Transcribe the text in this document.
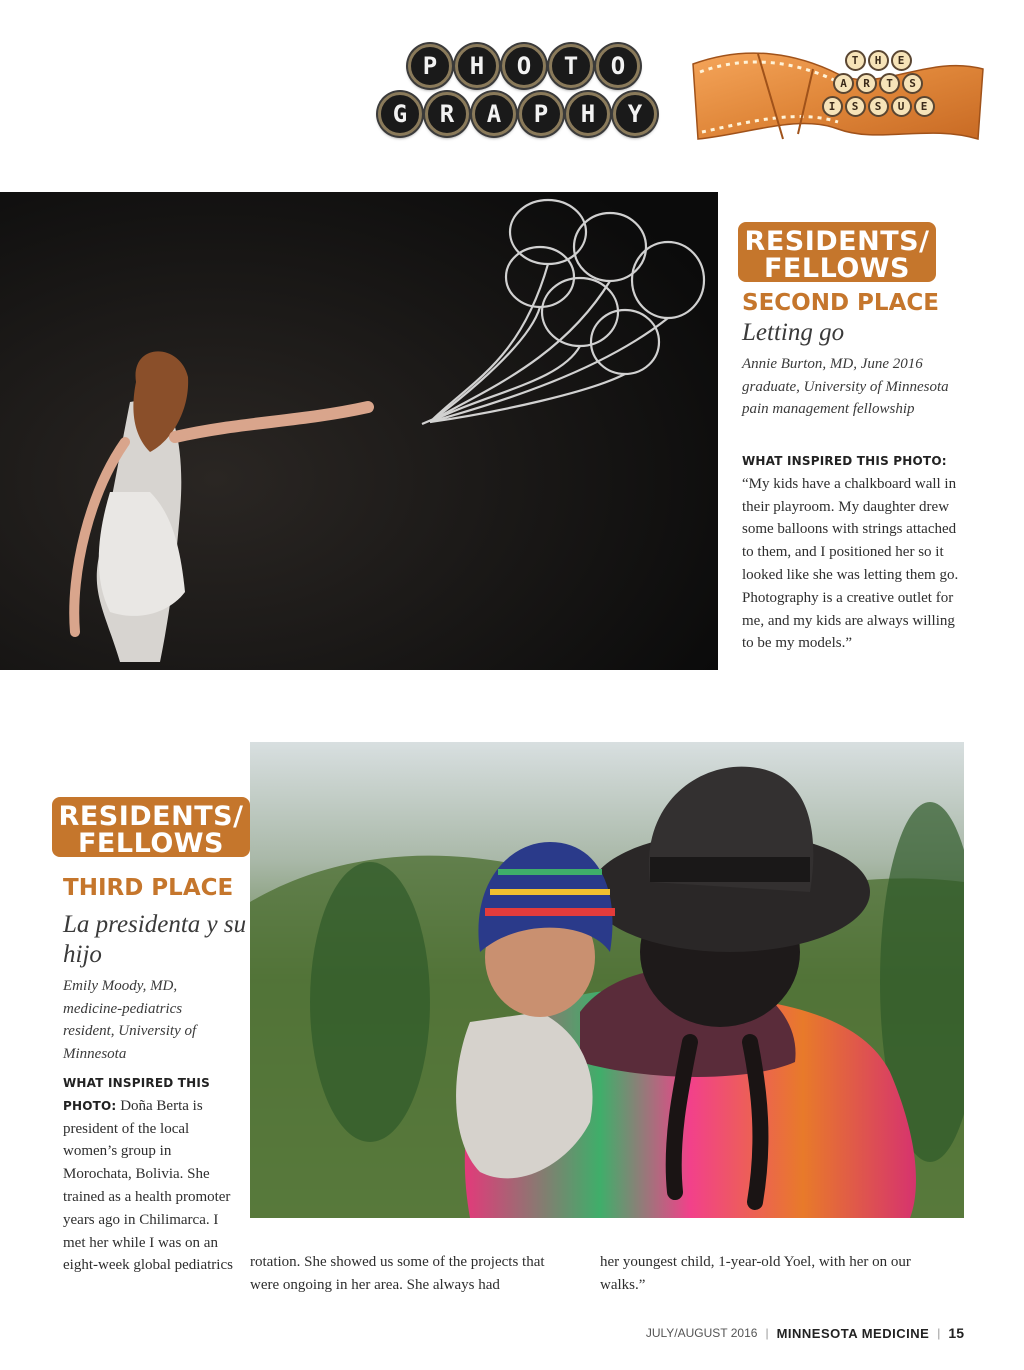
P	H	O	T	O
G	R	A	P	H	Y
T	H	E
A	R	T	S
I	S	S	U	E
RESIDENTS/
FELLOWS
SECOND PLACE
Letting go
Annie Burton, MD, June 2016 graduate, University of Minnesota pain management fellowship
WHAT INSPIRED THIS PHOTO:
“My kids have a chalkboard wall in their playroom. My daughter drew some balloons with strings attached to them, and I positioned her so it looked like she was letting them go. Photography is a creative outlet for me, and my kids are always willing to be my models.”
RESIDENTS/
FELLOWS
THIRD PLACE
La presidenta y su hijo
Emily Moody, MD, medicine-pediatrics resident, University of Minnesota
WHAT INSPIRED THIS PHOTO: Doña Berta is president of the local women’s group in Morochata, Bolivia. She trained as a health promoter years ago in Chilimarca. I met her while I was on an eight-week global pediatrics rotation. She showed us some of the projects that were ongoing in her area. She always had
her youngest child, 1-year-old Yoel, with her on our walks.”
JULY/AUGUST 2016 | MINNESOTA MEDICINE | 15
